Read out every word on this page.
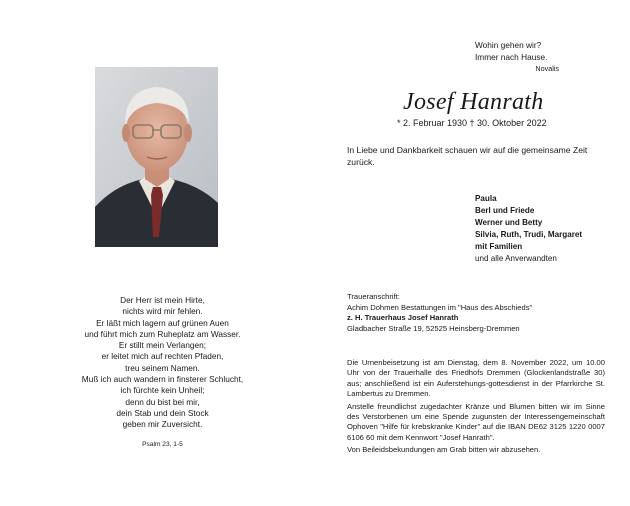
Wohin gehen wir?
Immer nach Hause.
Novalis
Josef Hanrath
* 2. Februar 1930 † 30. Oktober 2022
In Liebe und Dankbarkeit schauen wir auf die gemeinsame Zeit zurück.
Paula
Berl und Friede
Werner und Betty
Silvia, Ruth, Trudi, Margaret
mit Familien
und alle Anverwandten
Der Herr ist mein Hirte,
nichts wird mir fehlen.
Er läßt mich lagern auf grünen Auen
und führt mich zum Ruheplatz am Wasser.
Er stillt mein Verlangen;
er leitet mich auf rechten Pfaden,
treu seinem Namen.
Muß ich auch wandern in finsterer Schlucht,
ich fürchte kein Unheil;
denn du bist bei mir,
dein Stab und dein Stock
geben mir Zuversicht.
Psalm 23, 1-5
Traueranschrift:
Achim Dohmen Bestattungen im "Haus des Abschieds"
z. H. Trauerhaus Josef Hanrath
Gladbacher Straße 19, 52525 Heinsberg-Dremmen

Die Urnenbeisetzung ist am Dienstag, dem 8. November 2022, um 10.00 Uhr von der Trauerhalle des Friedhofs Dremmen (Glockenlandstraße 30) aus; anschließend ist ein Auferstehungs-gottesdienst in der Pfarrkirche St. Lambertus zu Dremmen.

Anstelle freundlichst zugedachter Kränze und Blumen bitten wir im Sinne des Verstorbenen um eine Spende zugunsten der Interessengemeinschaft Ophoven "Hilfe für krebskranke Kinder" auf die IBAN DE62 3125 1220 0007 6106 60 mit dem Kennwort "Josef Hanrath".

Von Beileidsbekundungen am Grab bitten wir abzusehen.
